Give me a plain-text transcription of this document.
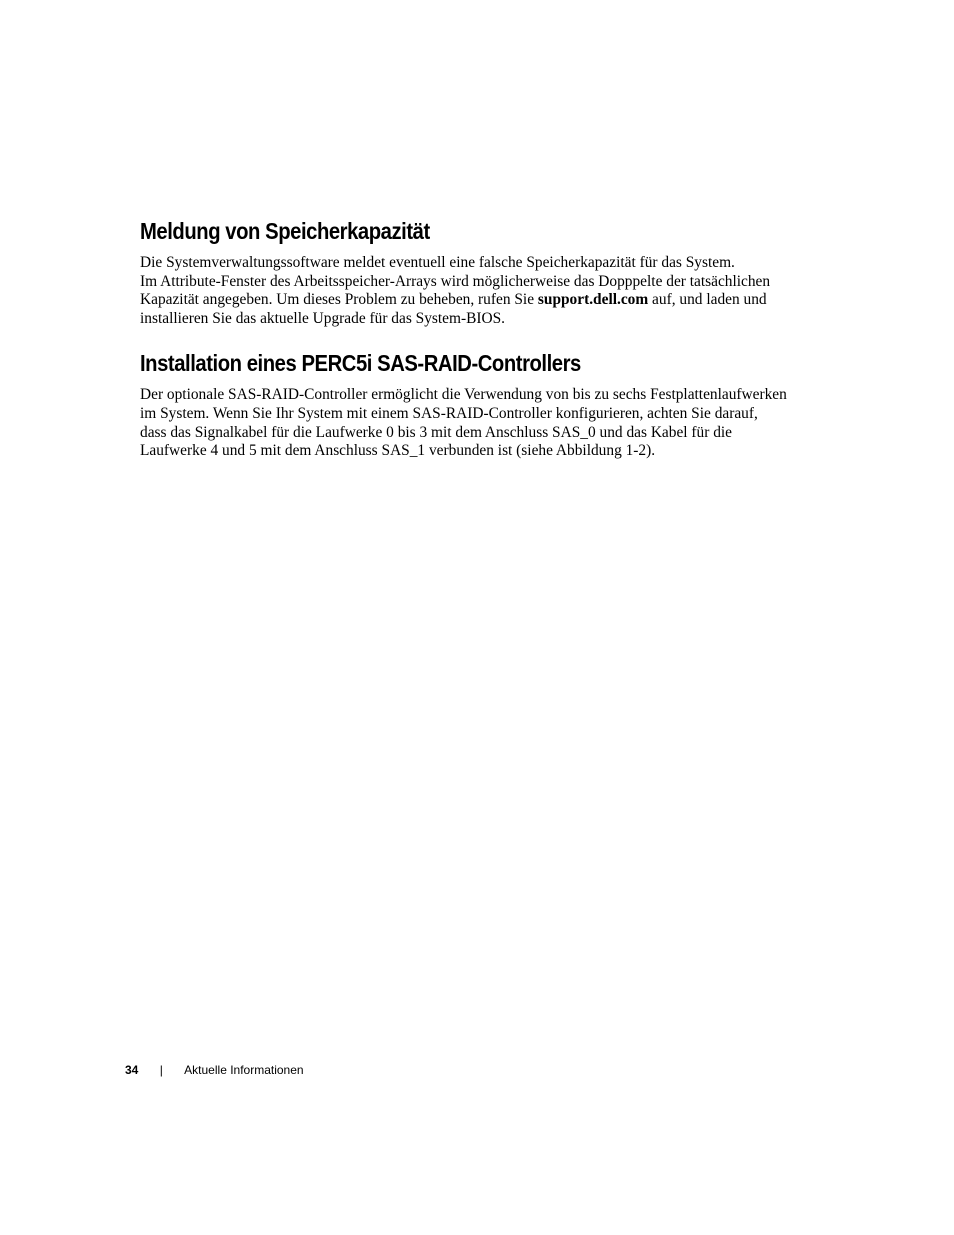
Meldung von Speicherkapazität

Die Systemverwaltungssoftware meldet eventuell eine falsche Speicherkapazität für das System.
Im Attribute-Fenster des Arbeitsspeicher-Arrays wird möglicherweise das Dopppelte der tatsächlichen
Kapazität angegeben. Um dieses Problem zu beheben, rufen Sie support.dell.com auf, und laden und
installieren Sie das aktuelle Upgrade für das System-BIOS.

Installation eines PERC5i SAS-RAID-Controllers

Der optionale SAS-RAID-Controller ermöglicht die Verwendung von bis zu sechs Festplattenlaufwerken
im System. Wenn Sie Ihr System mit einem SAS-RAID-Controller konfigurieren, achten Sie darauf,
dass das Signalkabel für die Laufwerke 0 bis 3 mit dem Anschluss SAS_0 und das Kabel für die
Laufwerke 4 und 5 mit dem Anschluss SAS_1 verbunden ist (siehe Abbildung 1-2).

34 | Aktuelle Informationen
